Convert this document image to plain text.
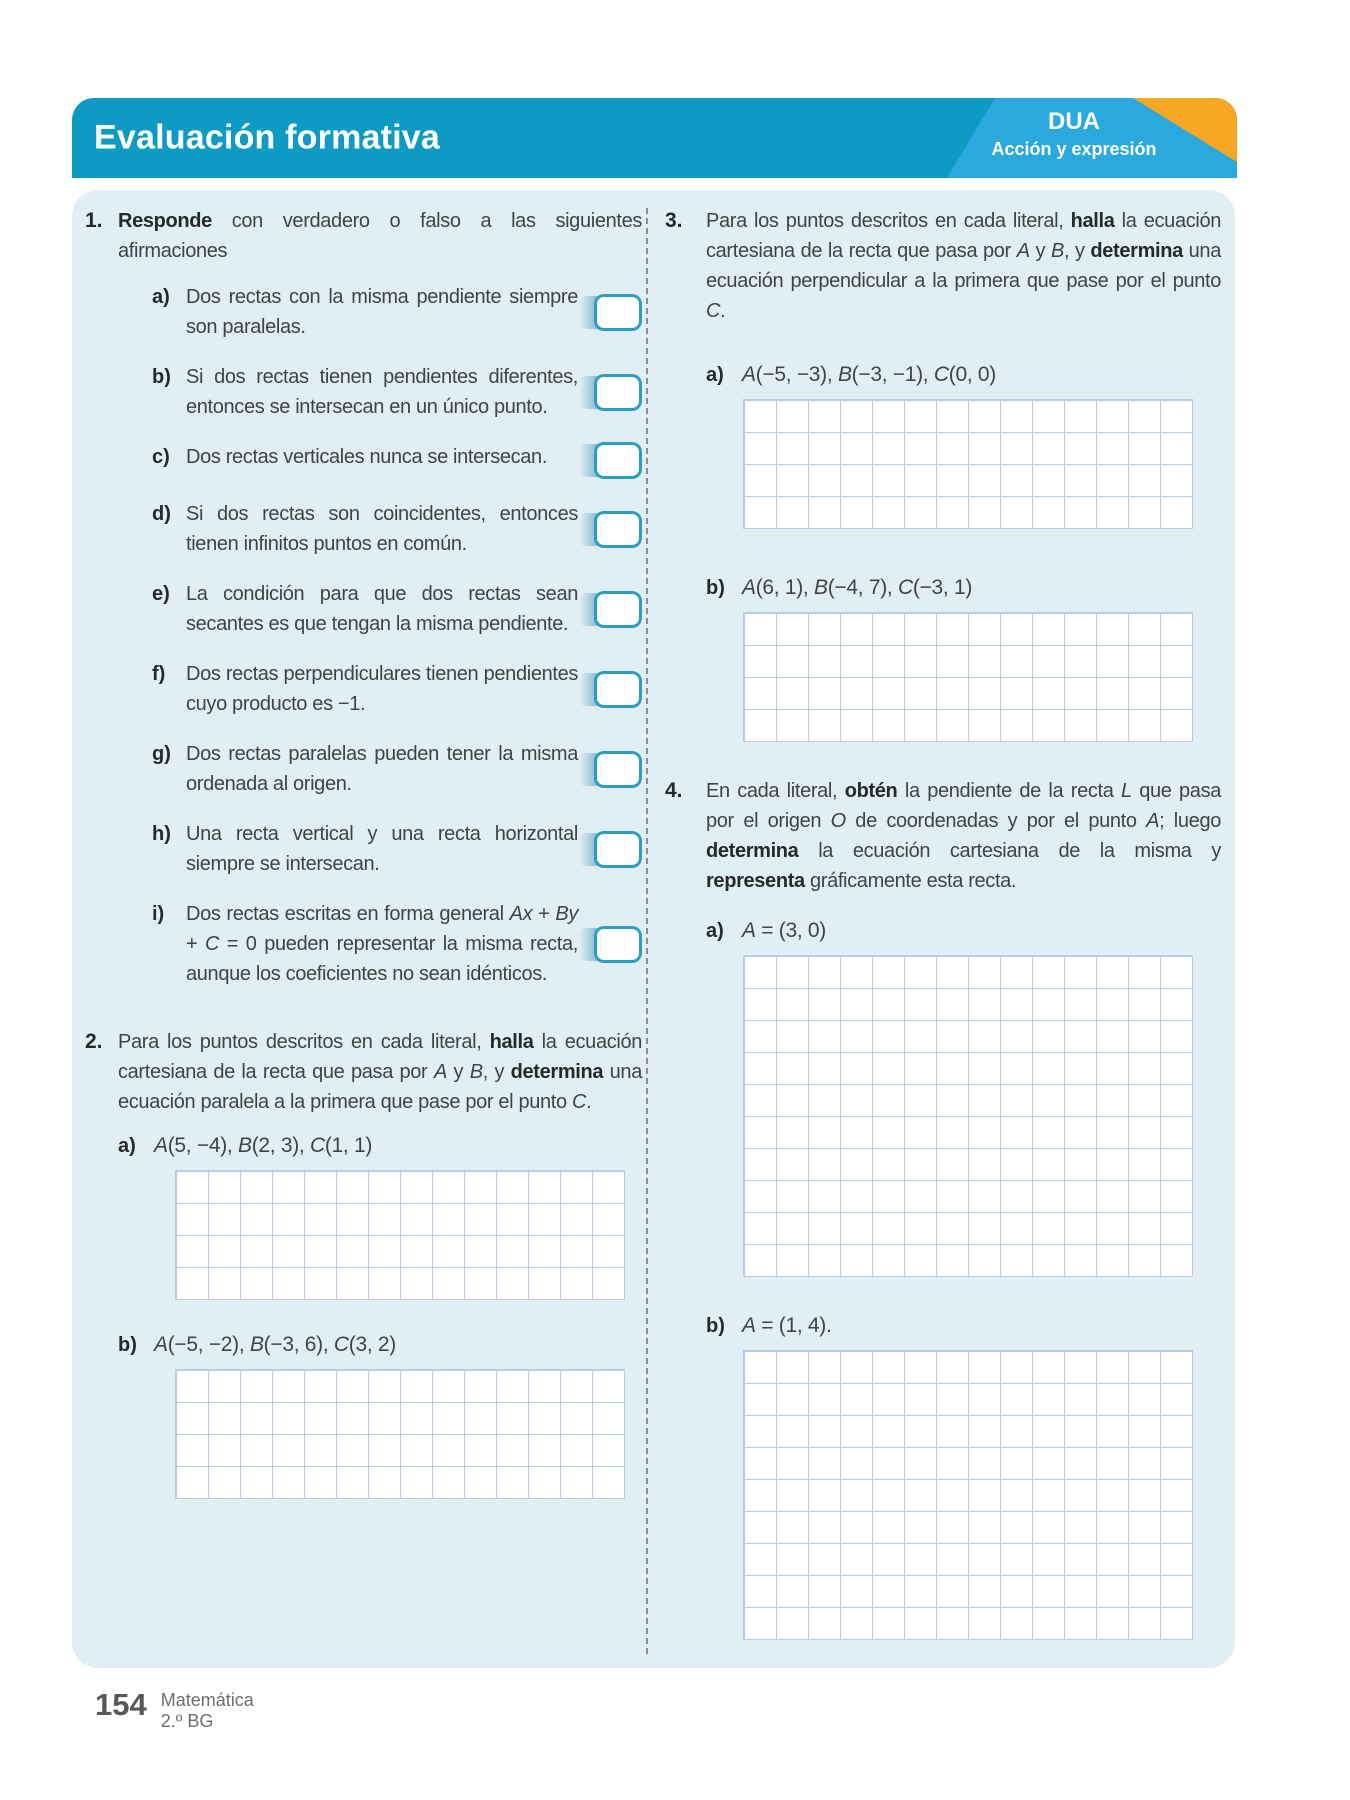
Evaluación formativa	DUA
Acción y expresión
1. Responde con verdadero o falso a las siguientes afirmaciones
a) Dos rectas con la misma pendiente siempre son paralelas.
b) Si dos rectas tienen pendientes diferentes, entonces se intersecan en un único punto.
c) Dos rectas verticales nunca se intersecan.
d) Si dos rectas son coincidentes, entonces tienen infinitos puntos en común.
e) La condición para que dos rectas sean secantes es que tengan la misma pendiente.
f)	Dos rectas perpendiculares tienen pendientes cuyo producto es −1.
g) Dos rectas paralelas pueden tener la misma ordenada al origen.
h) Una recta vertical y una recta horizontal siempre se intersecan.
i)	Dos rectas escritas en forma general Ax + By + C = 0 pueden representar la misma recta, aunque los coeficientes no sean idénticos.
2. Para los puntos descritos en cada literal, halla la ecuación cartesiana de la recta que pasa por A y B, y determina una ecuación paralela a la primera que pase por el punto C.
a) A(5, −4), B(2, 3), C(1, 1)
b) A(−5, −2), B(−3, 6), C(3, 2)
3.	Para los puntos descritos en cada literal, halla la ecuación cartesiana de la recta que pasa por A y B, y determina una ecuación perpendicular a la primera que pase por el punto C.
a) A(−5, −3), B(−3, −1), C(0, 0)
b) A(6, 1), B(−4, 7), C(−3, 1)
4.	En cada literal, obtén la pendiente de la recta L que pasa por el origen O de coordenadas y por el punto A; luego determina la ecuación cartesiana de la misma y representa gráficamente esta recta.
a) A = (3, 0)
b) A = (1, 4).
154 Matemática
2.º BG
